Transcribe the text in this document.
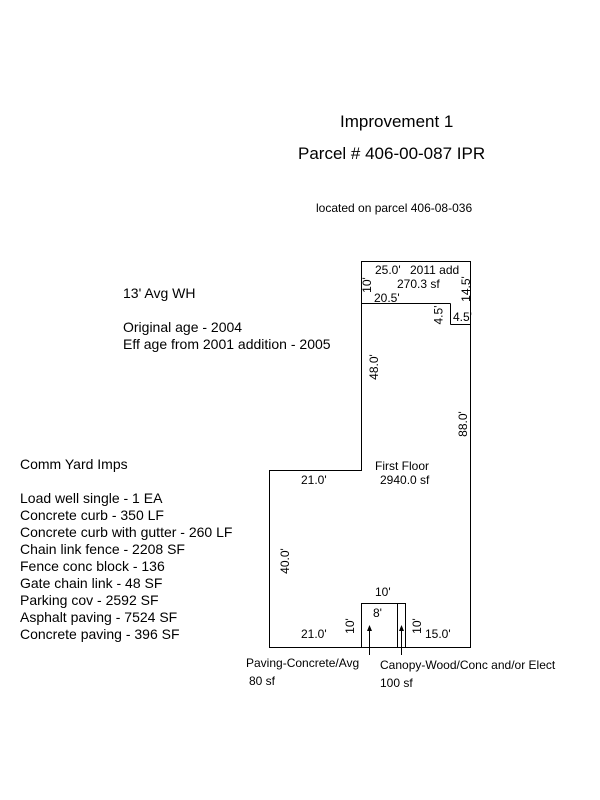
Improvement 1
Parcel # 406-00-087 IPR
located on parcel 406-08-036
13' Avg WH
Original age - 2004
Eff age from 2001 addition - 2005
Comm Yard Imps
Load well single - 1 EA
Concrete curb - 350 LF
Concrete curb with gutter - 260 LF
Chain link fence - 2208 SF
Fence conc block - 136
Gate chain link - 48 SF
Parking cov - 2592 SF
Asphalt paving - 7524 SF
Concrete paving - 396 SF
25.0' 2011 add
270.3 sf
10'
20.5'	14.5'
4.5' 4.5'
48.0'
88.0'
First Floor
2940.0 sf
21.0'
40.0'
10'
8'
10'	10'
21.0'	15.0'
Paving-Concrete/Avg
80 sf
Canopy-Wood/Conc and/or Elect
100 sf
